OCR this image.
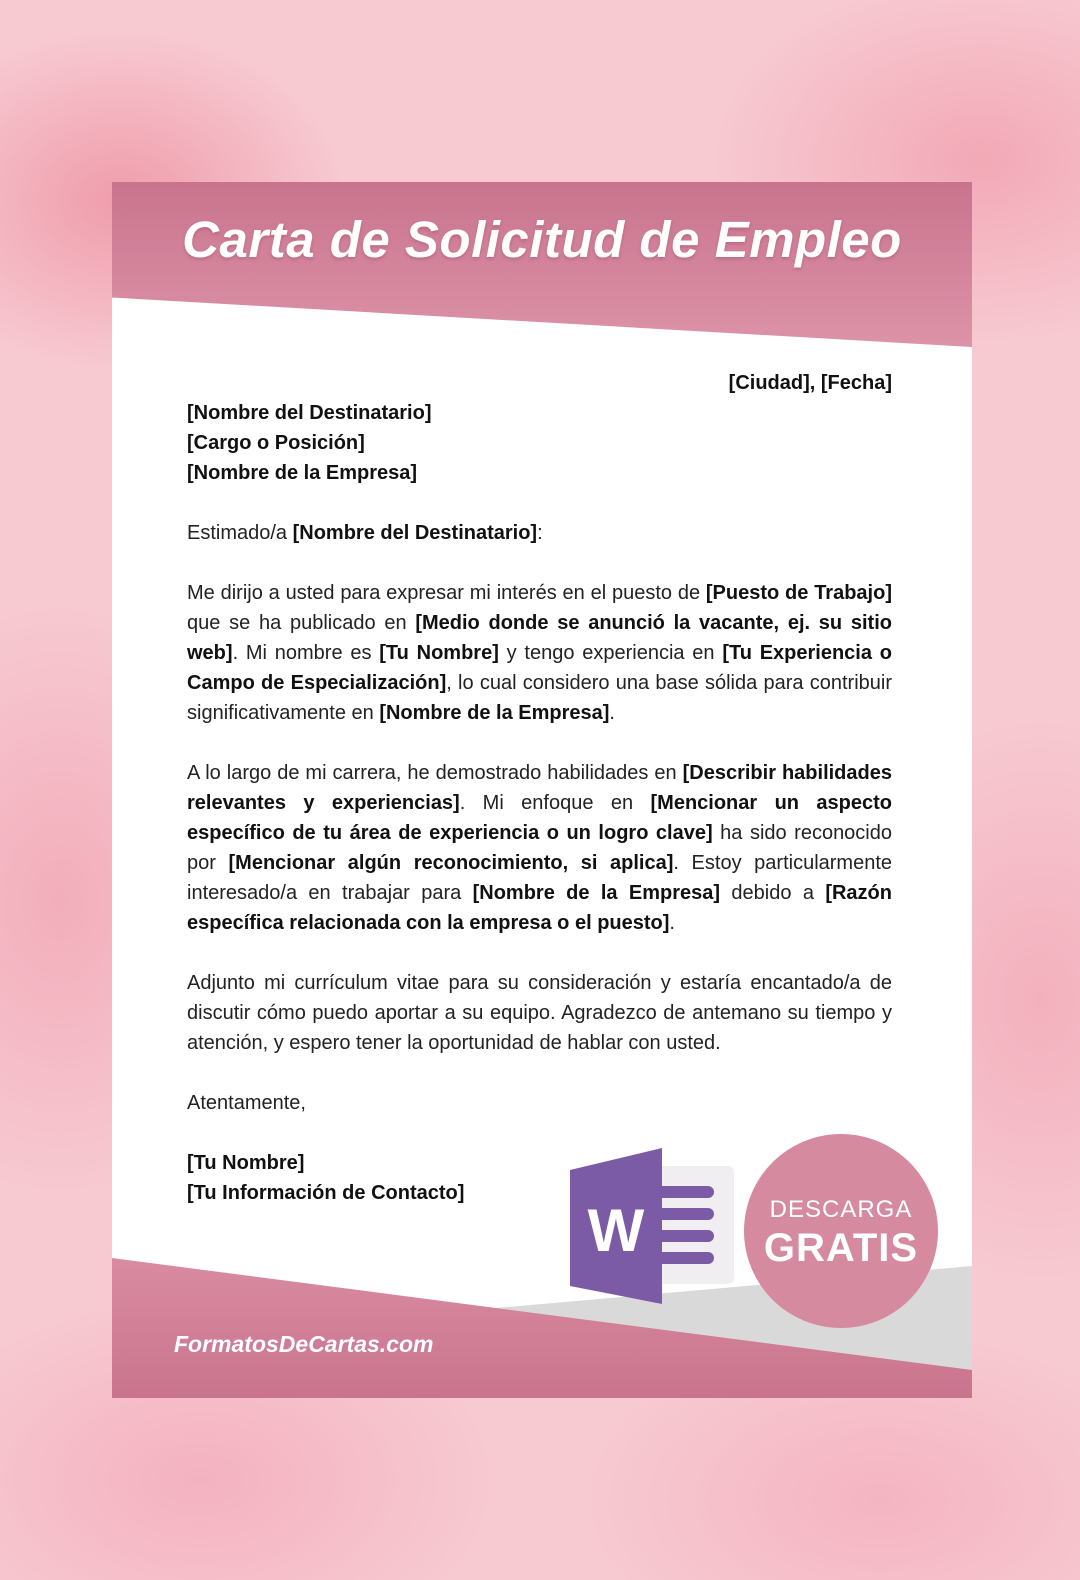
Carta de Solicitud de Empleo
FormatosDeCartas.com

[Ciudad], [Fecha]

[Nombre del Destinatario]
[Cargo o Posición]
[Nombre de la Empresa]

Estimado/a [Nombre del Destinatario]:

Me dirijo a usted para expresar mi interés en el puesto de [Puesto de Trabajo] que se ha publicado en [Medio donde se anunció la vacante, ej. su sitio web]. Mi nombre es [Tu Nombre] y tengo experiencia en [Tu Experiencia o Campo de Especialización], lo cual considero una base sólida para contribuir significativamente en [Nombre de la Empresa].

A lo largo de mi carrera, he demostrado habilidades en [Describir habilidades relevantes y experiencias]. Mi enfoque en [Mencionar un aspecto específico de tu área de experiencia o un logro clave] ha sido reconocido por [Mencionar algún reconocimiento, si aplica]. Estoy particularmente interesado/a en trabajar para [Nombre de la Empresa] debido a [Razón específica relacionada con la empresa o el puesto].

Adjunto mi currículum vitae para su consideración y estaría encantado/a de discutir cómo puedo aportar a su equipo. Agradezco de antemano su tiempo y atención, y espero tener la oportunidad de hablar con usted.

Atentamente,

[Tu Nombre]
[Tu Información de Contacto]

W	DESCARGA
GRATIS
